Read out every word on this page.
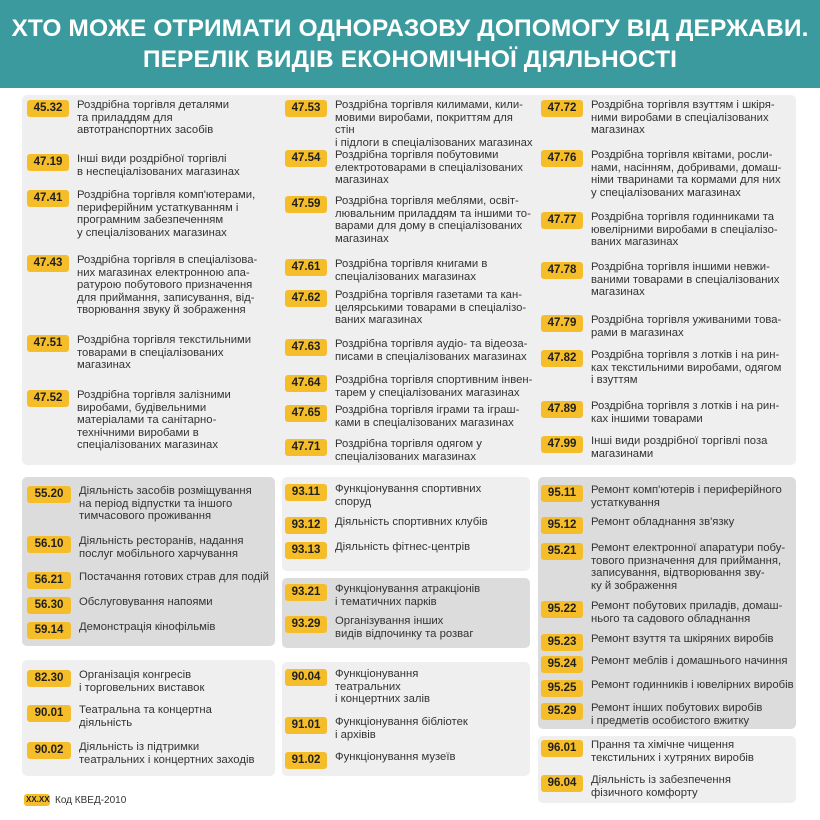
ХТО МОЖЕ ОТРИМАТИ ОДНОРАЗОВУ ДОПОМОГУ ВІД ДЕРЖАВИ.
ПЕРЕЛІК ВИДІВ ЕКОНОМІЧНОЇ ДІЯЛЬНОСТІ
45.32	Роздрібна торгівля деталями
та приладдям для
автотранспортних засобів
47.19	Інші види роздрібної торгівлі
в неспеціалізованих магазинах
47.41	Роздрібна торгівля комп'ютерами,
периферійним устаткуванням і
програмним забезпеченням
у спеціалізованих магазинах
47.43	Роздрібна торгівля в спеціалізова-
них магазинах електронною апа-
ратурою побутового призначення
для приймання, записування, від-
творювання звуку й зображення
47.51	Роздрібна торгівля текстильними
товарами в спеціалізованих
магазинах
47.52	Роздрібна торгівля залізними
виробами, будівельними
матеріалами та санітарно-
технічними виробами в
спеціалізованих магазинах
47.53	Роздрібна торгівля килимами, кили-
мовими виробами, покриттям для стін
і підлоги в спеціалізованих магазинах
47.54	Роздрібна торгівля побутовими
електротоварами в спеціалізованих
магазинах
47.59	Роздрібна торгівля меблями, освіт-
лювальним приладдям та іншими то-
варами для дому в спеціалізованих
магазинах
47.61	Роздрібна торгівля книгами в
спеціалізованих магазинах
47.62	Роздрібна торгівля газетами та кан-
целярськими товарами в спеціалізо-
ваних магазинах
47.63	Роздрібна торгівля аудіо- та відеоза-
писами в спеціалізованих магазинах
47.64	Роздрібна торгівля спортивним інвен-
тарем у спеціалізованих магазинах
47.65	Роздрібна торгівля іграми та іграш-
ками в спеціалізованих магазинах
47.71	Роздрібна торгівля одягом у
спеціалізованих магазинах
47.72	Роздрібна торгівля взуттям і шкіря-
ними виробами в спеціалізованих
магазинах
47.76	Роздрібна торгівля квітами, росли-
нами, насінням, добривами, домаш-
німи тваринами та кормами для них
у спеціалізованих магазинах
47.77	Роздрібна торгівля годинниками та
ювелірними виробами в спеціалізо-
ваних магазинах
47.78	Роздрібна торгівля іншими невжи-
ваними товарами в спеціалізованих
магазинах
47.79	Роздрібна торгівля уживаними това-
рами в магазинах
47.82	Роздрібна торгівля з лотків і на рин-
ках текстильними виробами, одягом
і взуттям
47.89	Роздрібна торгівля з лотків і на рин-
ках іншими товарами
47.99	Інші види роздрібної торгівлі поза
магазинами
55.20	Діяльність засобів розміщування
на період відпустки та іншого
тимчасового проживання
56.10	Діяльність ресторанів, надання
послуг мобільного харчування
56.21	Постачання готових страв для подій
56.30	Обслуговування напоями
59.14	Демонстрація кінофільмів
82.30	Організація конгресів
і торговельних виставок
90.01	Театральна та концертна
діяльність
90.02	Діяльність із підтримки
театральних і концертних заходів
93.11	Функціонування спортивних
споруд
93.12	Діяльність спортивних клубів
93.13	Діяльність фітнес-центрів
93.21	Функціонування атракціонів
і тематичних парків
93.29	Організування інших
видів відпочинку та розваг
90.04	Функціонування
театральних
і концертних залів
91.01	Функціонування бібліотек
і архівів
91.02	Функціонування музеїв
95.11	Ремонт комп'ютерів і периферійного
устаткування
95.12	Ремонт обладнання зв'язку
95.21	Ремонт електронної апаратури побу-
тового призначення для приймання,
записування, відтворювання зву-
ку й зображення
95.22	Ремонт побутових приладів, домаш-
нього та садового обладнання
95.23	Ремонт взуття та шкіряних виробів
95.24	Ремонт меблів і домашнього начиння
95.25	Ремонт годинників і ювелірних виробів
95.29	Ремонт інших побутових виробів
і предметів особистого вжитку
96.01	Прання та хімічне чищення
текстильних і хутряних виробів
96.04	Діяльність із забезпечення
фізичного комфорту
XX.XX Код КВЕД-2010
